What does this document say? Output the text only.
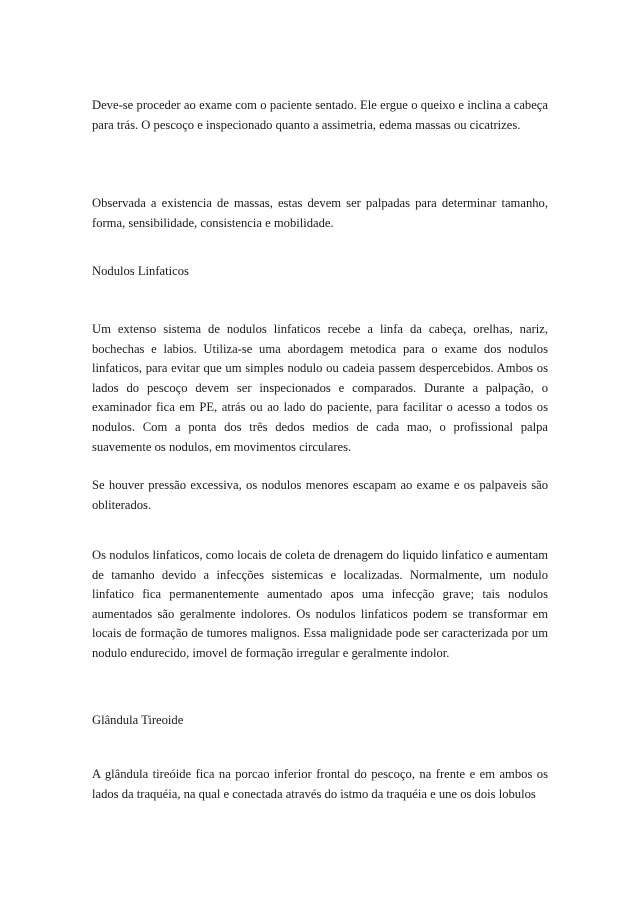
Deve-se proceder ao exame com o paciente sentado. Ele ergue o queixo e inclina a cabeça para trás. O pescoço e inspecionado quanto a assimetria, edema massas ou cicatrizes.

Observada a existencia de massas, estas devem ser palpadas para determinar tamanho, forma, sensibilidade, consistencia e mobilidade.

Nodulos Linfaticos

Um extenso sistema de nodulos linfaticos recebe a linfa da cabeça, orelhas, nariz, bochechas e labios. Utiliza-se uma abordagem metodica para o exame dos nodulos linfaticos, para evitar que um simples nodulo ou cadeia passem despercebidos. Ambos os lados do pescoço devem ser inspecionados e comparados. Durante a palpação, o examinador fica em PE, atrás ou ao lado do paciente, para facilitar o acesso a todos os nodulos. Com a ponta dos três dedos medios de cada mao, o profissional palpa suavemente os nodulos, em movimentos circulares.

Se houver pressão excessiva, os nodulos menores escapam ao exame e os palpaveis são obliterados.

Os nodulos linfaticos, como locais de coleta de drenagem do liquido linfatico e aumentam de tamanho devido a infecções sistemicas e localizadas. Normalmente, um nodulo linfatico fica permanentemente aumentado apos uma infecção grave; tais nodulos aumentados são geralmente indolores. Os nodulos linfaticos podem se transformar em locais de formação de tumores malignos. Essa malignidade pode ser caracterizada por um nodulo endurecido, imovel de formação irregular e geralmente indolor.

Glândula Tireoide

A glândula tireóide fica na porcao inferior frontal do pescoço, na frente e em ambos os lados da traquéia, na qual e conectada através do istmo da traquéia e une os dois lobulos
